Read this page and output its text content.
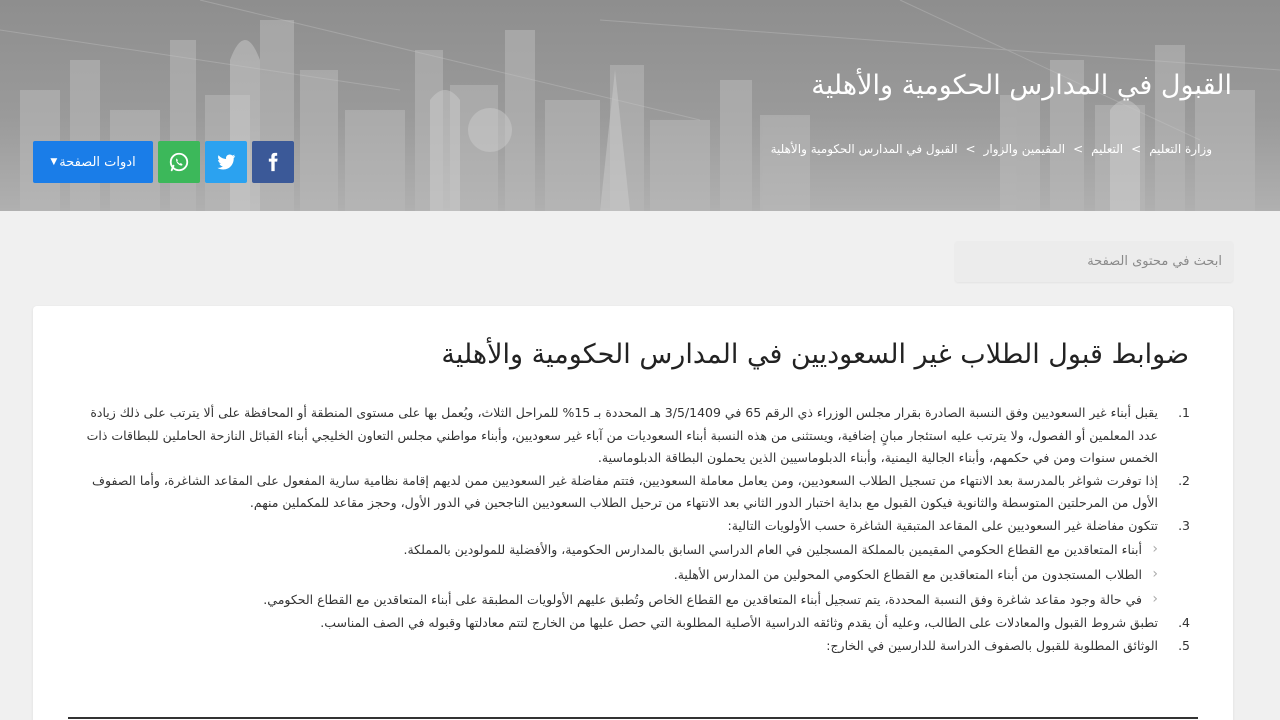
القبول في المدارس الحكومية والأهلية
وزارة التعليم
>
التعليم
>
المقيمين والزوار
>
القبول في المدارس الحكومية والأهلية
ادوات الصفحة
▼
ابحث في محتوى الصفحة
ضوابط قبول الطلاب غير السعوديين في المدارس الحكومية والأهلية
1.
يقبل أبناء غير السعوديين وفق النسبة الصادرة بقرار مجلس الوزراء ذي الرقم 65 في 3/5/1409 هـ المحددة بـ 15% للمراحل الثلاث، ويُعمل بها على مستوى المنطقة أو المحافظة على ألا يترتب على ذلك زيادة عدد المعلمين أو الفصول، ولا يترتب عليه استئجار مبانٍ إضافية، ويستثنى من هذه النسبة أبناء السعوديات من آباء غير سعوديين، وأبناء مواطني مجلس التعاون الخليجي أبناء القبائل النازحة الحاملين للبطاقات ذات الخمس سنوات ومن في حكمهم، وأبناء الجالية اليمنية، وأبناء الدبلوماسيين الذين يحملون البطاقة الدبلوماسية.
2.
إذا توفرت شواغر بالمدرسة بعد الانتهاء من تسجيل الطلاب السعوديين، ومن يعامل معاملة السعوديين، فتتم مفاضلة غير السعوديين ممن لديهم إقامة نظامية سارية المفعول على المقاعد الشاغرة، وأما الصفوف الأول من المرحلتين المتوسطة والثانوية فيكون القبول مع بداية اختبار الدور الثاني بعد الانتهاء من ترحيل الطلاب السعوديين الناجحين في الدور الأول، وحجز مقاعد للمكملين منهم.
3.
تتكون مفاضلة غير السعوديين على المقاعد المتبقية الشاغرة حسب الأولويات التالية:
‹
أبناء المتعاقدين مع القطاع الحكومي المقيمين بالمملكة المسجلين في العام الدراسي السابق بالمدارس الحكومية، والأفضلية للمولودين بالمملكة.
‹
الطلاب المستجدون من أبناء المتعاقدين مع القطاع الحكومي المحولين من المدارس الأهلية.
‹
في حالة وجود مقاعد شاغرة وفق النسبة المحددة، يتم تسجيل أبناء المتعاقدين مع القطاع الخاص وتُطبق عليهم الأولويات المطبقة على أبناء المتعاقدين مع القطاع الحكومي.
4.
تطبق شروط القبول والمعادلات على الطالب، وعليه أن يقدم وثائقه الدراسية الأصلية المطلوبة التي حصل عليها من الخارج لتتم معادلتها وقبوله في الصف المناسب.
5.
الوثائق المطلوبة للقبول بالصفوف الدراسة للدارسين في الخارج:
